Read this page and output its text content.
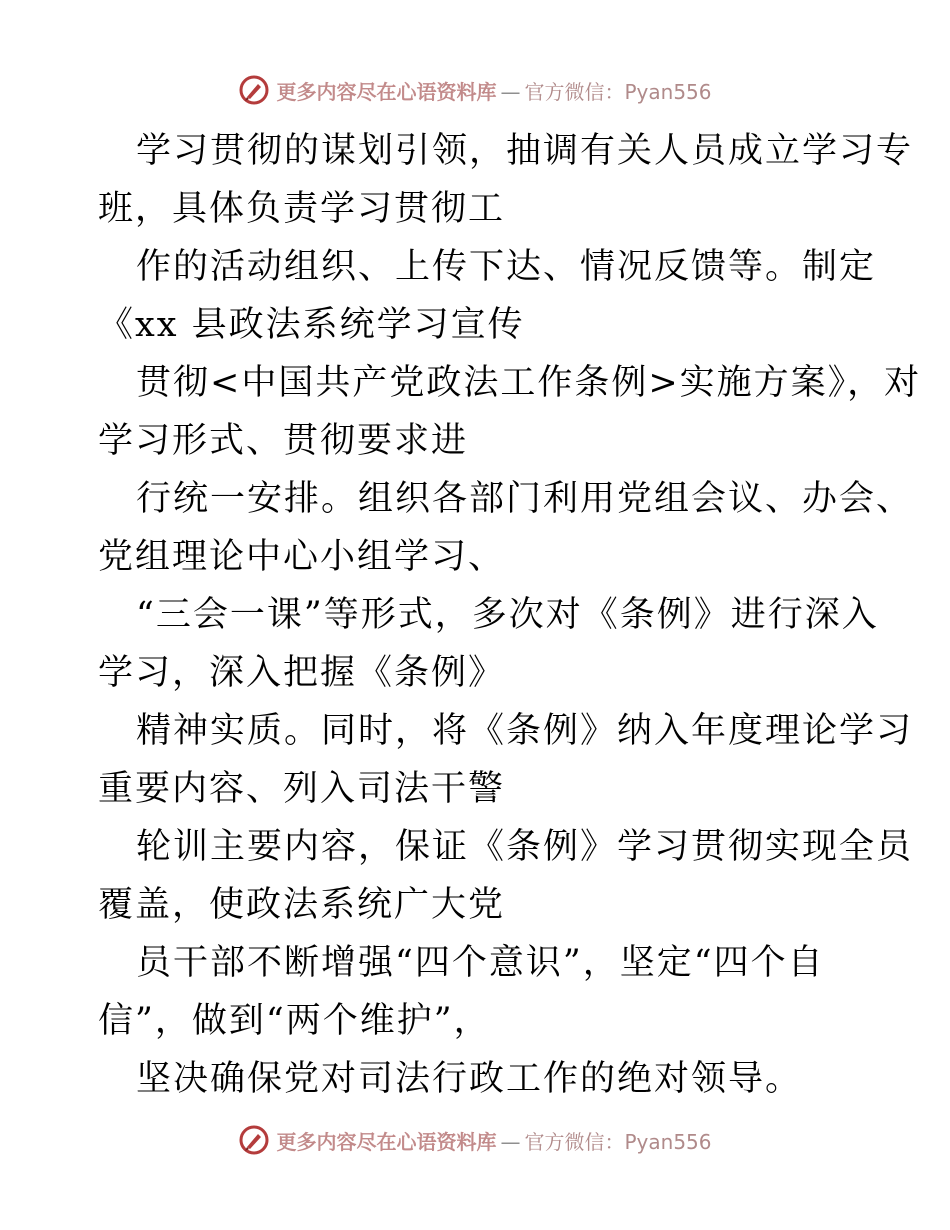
更多内容尽在心语资料库 — 官方微信：Pyan556
学习贯彻的谋划引领，抽调有关人员成立学习专
班，具体负责学习贯彻工
作的活动组织、上传下达、情况反馈等。制定
《xx 县政法系统学习宣传
贯彻<中国共产党政法工作条例>实施方案》，对
学习形式、贯彻要求进
行统一安排。组织各部门利用党组会议、办会、
党组理论中心小组学习、
“三会一课”等形式，多次对《条例》进行深入
学习，深入把握《条例》
精神实质。同时，将《条例》纳入年度理论学习
重要内容、列入司法干警
轮训主要内容，保证《条例》学习贯彻实现全员
覆盖，使政法系统广大党
员干部不断增强“四个意识”，坚定“四个自
信”，做到“两个维护”，
坚决确保党对司法行政工作的绝对领导。
更多内容尽在心语资料库 — 官方微信：Pyan556
